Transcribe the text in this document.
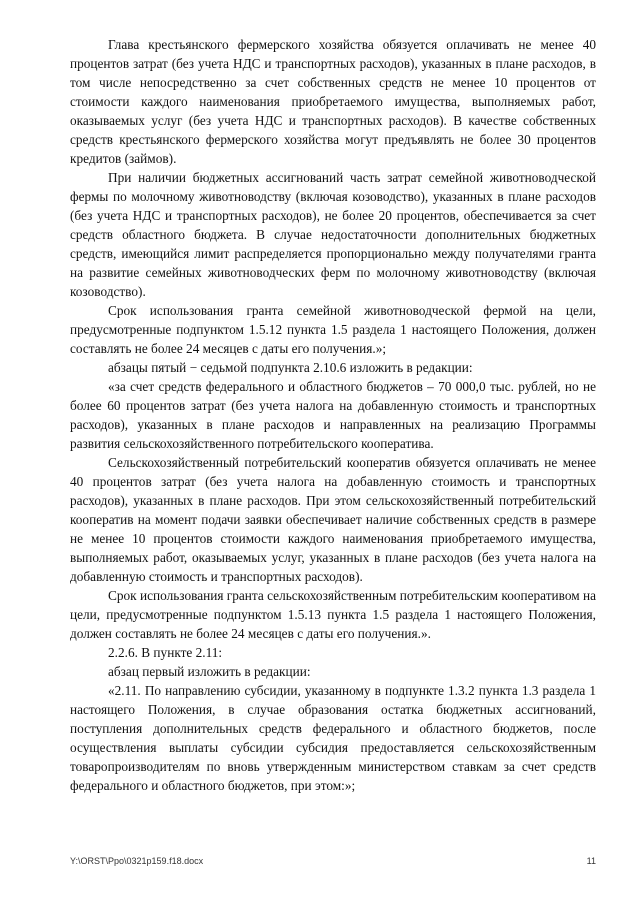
Глава крестьянского фермерского хозяйства обязуется оплачивать не менее 40 процентов затрат (без учета НДС и транспортных расходов), указанных в плане расходов, в том числе непосредственно за счет собственных средств не менее 10 процентов от стоимости каждого наименования приобретаемого имущества, выполняемых работ, оказываемых услуг (без учета НДС и транспортных расходов). В качестве собственных средств крестьянского фермерского хозяйства могут предъявлять не более 30 процентов кредитов (займов).

При наличии бюджетных ассигнований часть затрат семейной животноводческой фермы по молочному животноводству (включая козоводство), указанных в плане расходов (без учета НДС и транспортных расходов), не более 20 процентов, обеспечивается за счет средств областного бюджета. В случае недостаточности дополнительных бюджетных средств, имеющийся лимит распределяется пропорционально между получателями гранта на развитие семейных животноводческих ферм по молочному животноводству (включая козоводство).

Срок использования гранта семейной животноводческой фермой на цели, предусмотренные подпунктом 1.5.12 пункта 1.5 раздела 1 настоящего Положения, должен составлять не более 24 месяцев с даты его получения.»;

абзацы пятый − седьмой подпункта 2.10.6 изложить в редакции:

«за счет средств федерального и областного бюджетов – 70 000,0 тыс. рублей, но не более 60 процентов затрат (без учета налога на добавленную стоимость и транспортных расходов), указанных в плане расходов и направленных на реализацию Программы развития сельскохозяйственного потребительского кооператива.

Сельскохозяйственный потребительский кооператив обязуется оплачивать не менее 40 процентов затрат (без учета налога на добавленную стоимость и транспортных расходов), указанных в плане расходов. При этом сельскохозяйственный потребительский кооператив на момент подачи заявки обеспечивает наличие собственных средств в размере не менее 10 процентов стоимости каждого наименования приобретаемого имущества, выполняемых работ, оказываемых услуг, указанных в плане расходов (без учета налога на добавленную стоимость и транспортных расходов).

Срок использования гранта сельскохозяйственным потребительским кооперативом на цели, предусмотренные подпунктом 1.5.13 пункта 1.5 раздела 1 настоящего Положения, должен составлять не более 24 месяцев с даты его получения.».

2.2.6. В пункте 2.11:

абзац первый изложить в редакции:

«2.11. По направлению субсидии, указанному в подпункте 1.3.2 пункта 1.3 раздела 1 настоящего Положения, в случае образования остатка бюджетных ассигнований, поступления дополнительных средств федерального и областного бюджетов, после осуществления выплаты субсидии субсидия предоставляется сельскохозяйственным товаропроизводителям по вновь утвержденным министерством ставкам за счет средств федерального и областного бюджетов, при этом:»;

Y:\ORST\Ppo\0321p159.f18.docx	11
